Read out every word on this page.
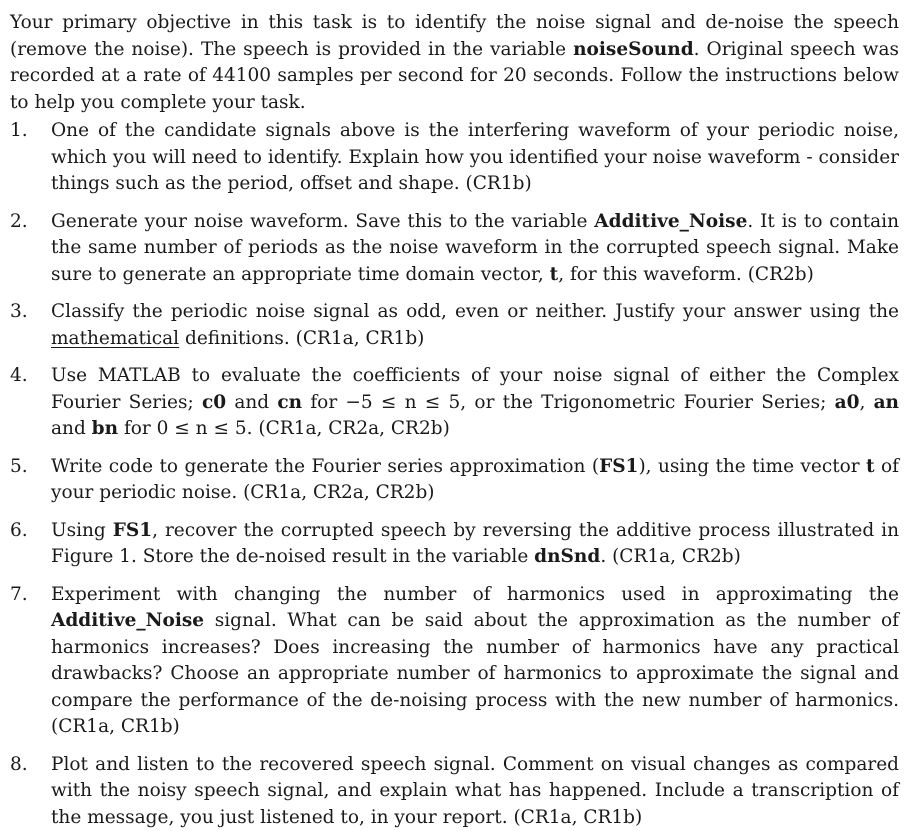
Your primary objective in this task is to identify the noise signal and de-noise the speech (remove the noise). The speech is provided in the variable noiseSound. Original speech was recorded at a rate of 44100 samples per second for 20 seconds. Follow the instructions below to help you complete your task.

1. One of the candidate signals above is the interfering waveform of your periodic noise, which you will need to identify. Explain how you identified your noise waveform - consider things such as the period, offset and shape. (CR1b)
2. Generate your noise waveform. Save this to the variable Additive_Noise. It is to contain the same number of periods as the noise waveform in the corrupted speech signal. Make sure to generate an appropriate time domain vector, t, for this waveform. (CR2b)
3. Classify the periodic noise signal as odd, even or neither. Justify your answer using the mathematical definitions. (CR1a, CR1b)
4. Use MATLAB to evaluate the coefficients of your noise signal of either the Complex Fourier Series; c0 and cn for −5 ≤ n ≤ 5, or the Trigonometric Fourier Series; a0, an and bn for 0 ≤ n ≤ 5. (CR1a, CR2a, CR2b)
5. Write code to generate the Fourier series approximation (FS1), using the time vector t of your periodic noise. (CR1a, CR2a, CR2b)
6. Using FS1, recover the corrupted speech by reversing the additive process illustrated in Figure 1. Store the de-noised result in the variable dnSnd. (CR1a, CR2b)
7. Experiment with changing the number of harmonics used in approximating the Additive_Noise signal. What can be said about the approximation as the number of harmonics increases? Does increasing the number of harmonics have any practical drawbacks? Choose an appropriate number of harmonics to approximate the signal and compare the performance of the de-noising process with the new number of harmonics. (CR1a, CR1b)
8. Plot and listen to the recovered speech signal. Comment on visual changes as compared with the noisy speech signal, and explain what has happened. Include a transcription of the message, you just listened to, in your report. (CR1a, CR1b)
